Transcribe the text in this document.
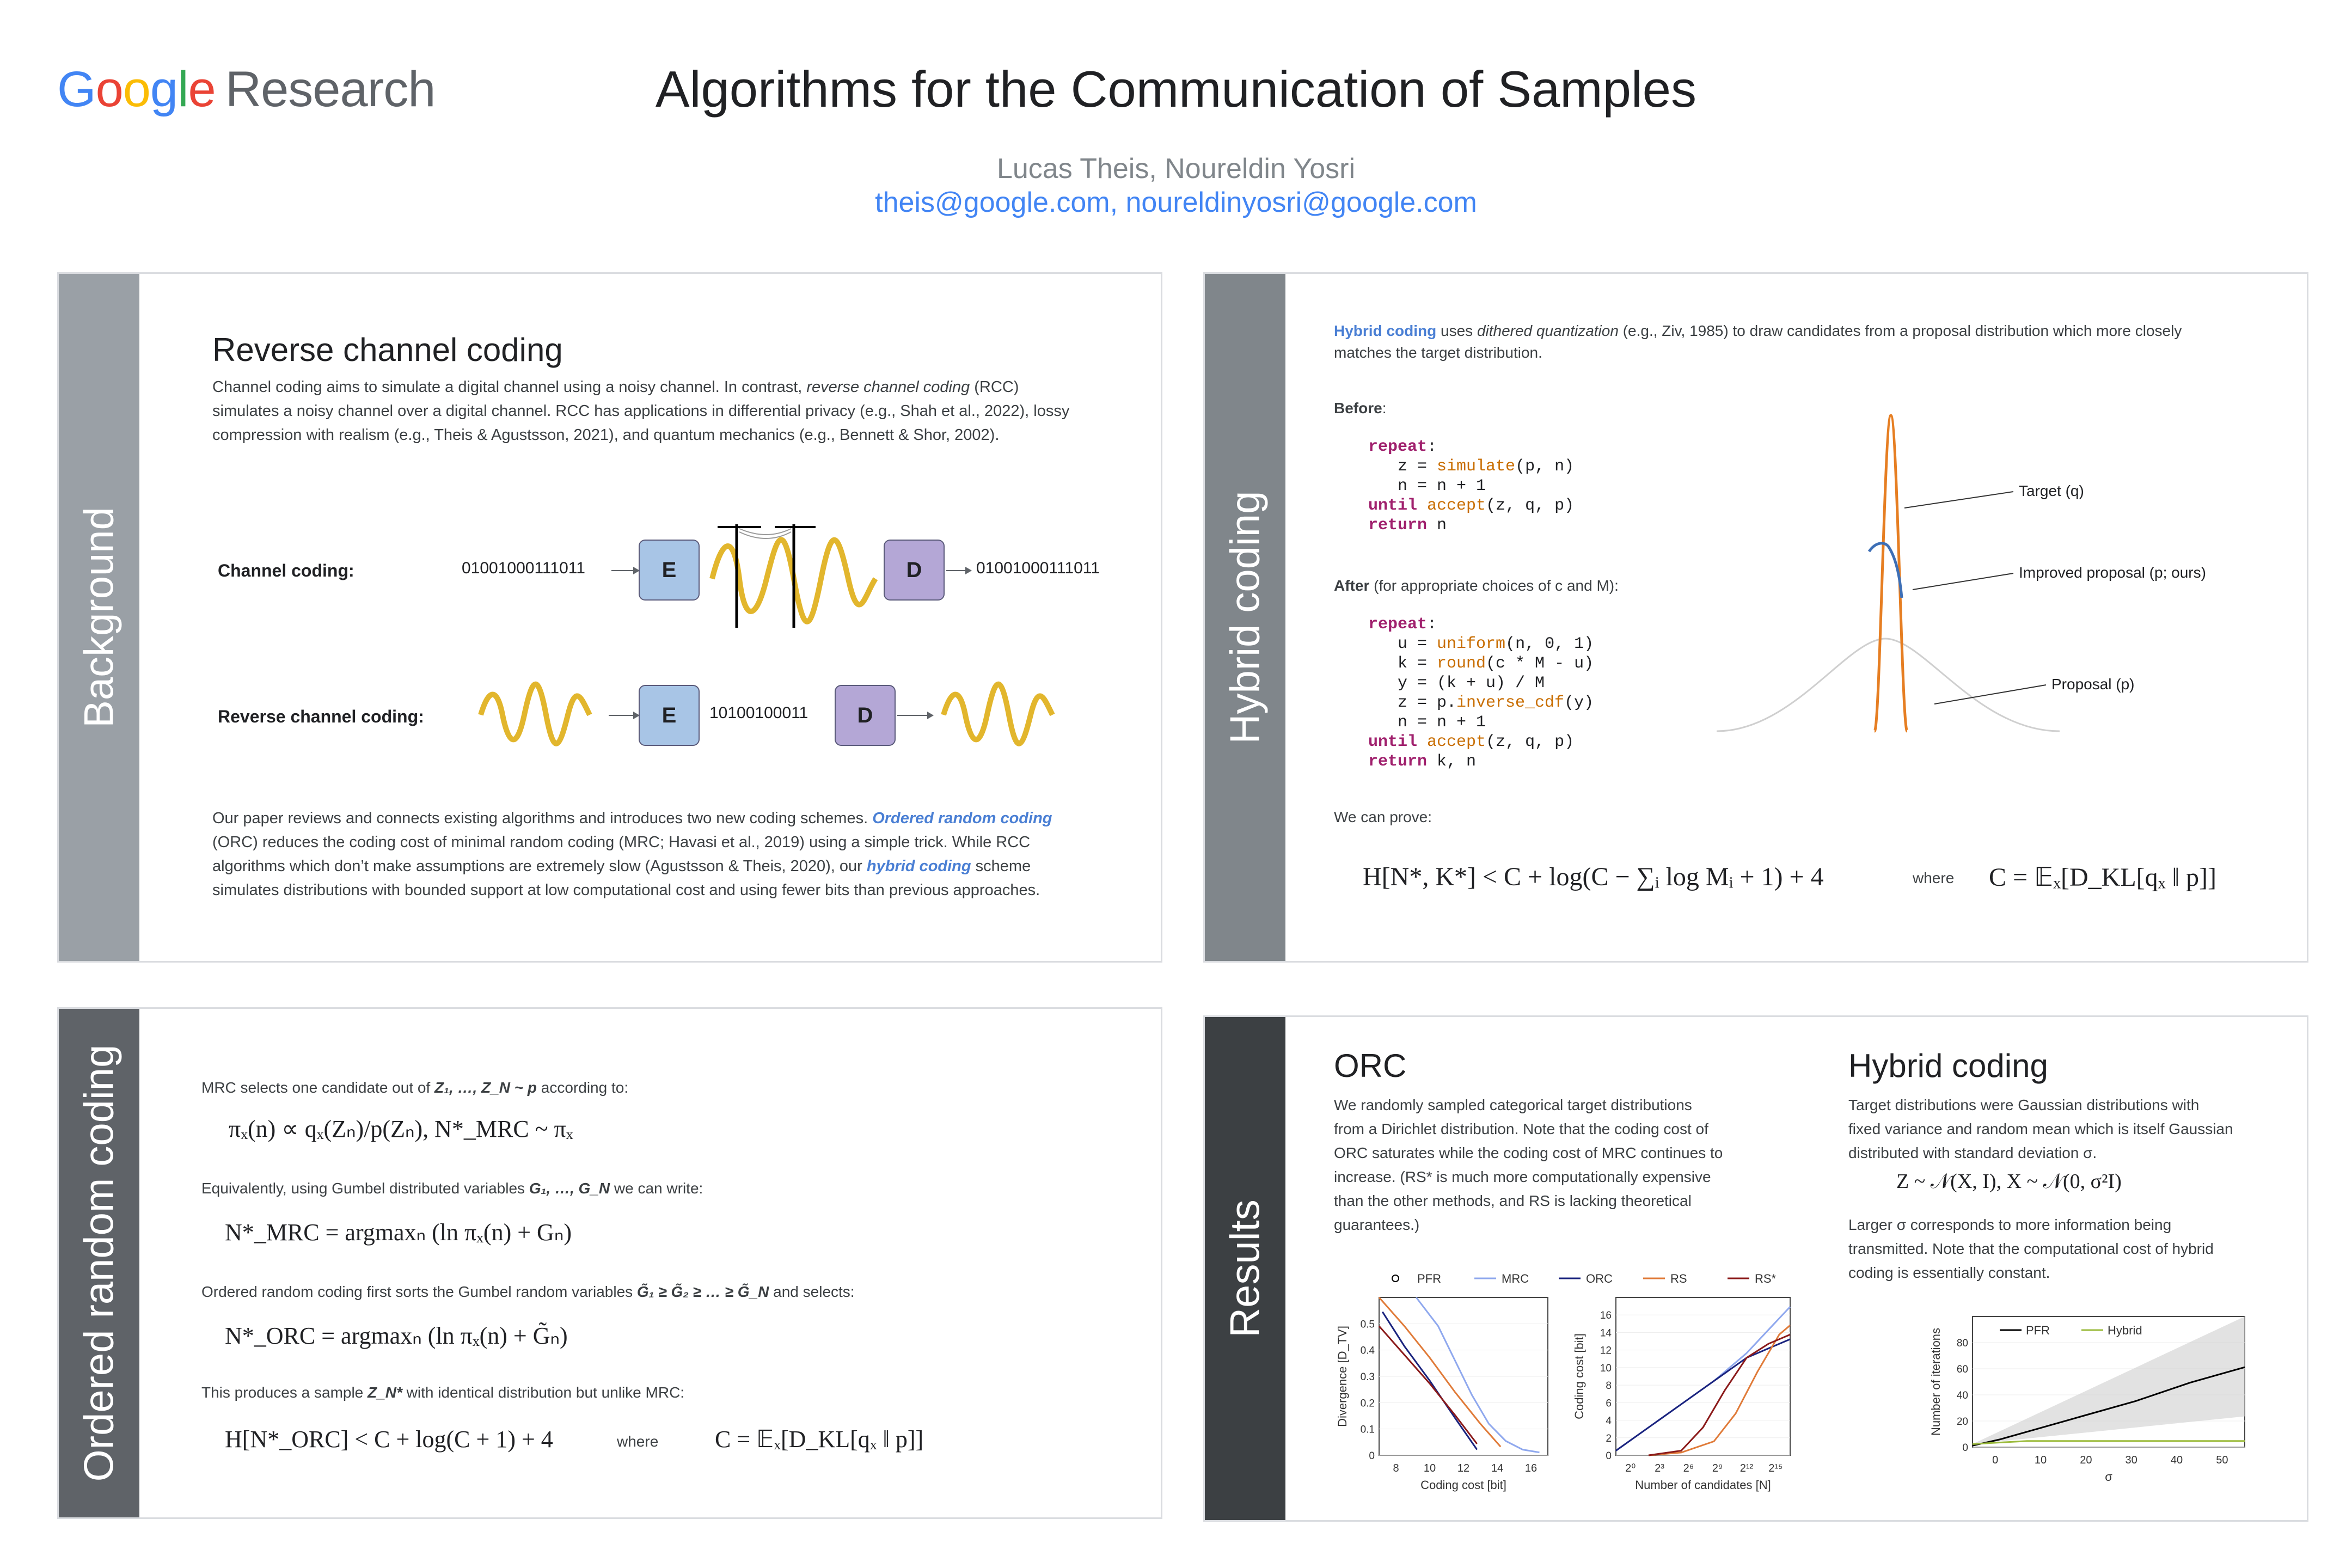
Google Research	Algorithms for the Communication of Samples
Lucas Theis, Noureldin Yosri
theis@google.com, noureldinyosri@google.com
Background
Reverse channel coding
Channel coding aims to simulate a digital channel using a noisy channel. In contrast, reverse channel coding (RCC)
simulates a noisy channel over a digital channel. RCC has applications in differential privacy (e.g., Shah et al., 2022), lossy
compression with realism (e.g., Theis & Agustsson, 2021), and quantum mechanics (e.g., Bennett & Shor, 2002).
Channel coding:	01001000111011	E	D	01001000111011
Reverse channel coding:	E	10100100011	D
Our paper reviews and connects existing algorithms and introduces two new coding schemes. Ordered random coding
(ORC) reduces the coding cost of minimal random coding (MRC; Havasi et al., 2019) using a simple trick. While RCC
algorithms which don’t make assumptions are extremely slow (Agustsson & Theis, 2020), our hybrid coding scheme
simulates distributions with bounded support at low computational cost and using fewer bits than previous approaches.
Hybrid coding
Hybrid coding uses dithered quantization (e.g., Ziv, 1985) to draw candidates from a proposal distribution which more closely
matches the target distribution.
Before:
repeat:
z = simulate(p, n)
n = n + 1
until accept(z, q, p)
return n
After (for appropriate choices of c and M):
repeat:
u = uniform(n, 0, 1)
k = round(c * M - u)
y = (k + u) / M
z = p.inverse_cdf(y)
n = n + 1
until accept(z, q, p)
return k, n
Target (q)
Improved proposal (p; ours)
Proposal (p)
We can prove:
H[N*, K*] < C + log(C − ∑ᵢ log Mᵢ + 1) + 4	where C = 𝔼ₓ[D_KL[qₓ ‖ p]]
Ordered random coding	MRC selects one candidate out of Z₁, …, Z_N ~ p according to:
πₓ(n) ∝ qₓ(Zₙ)/p(Zₙ), N*_MRC ~ πₓ
Equivalently, using Gumbel distributed variables G₁, …, G_N we can write:
N*_MRC = argmaxₙ (ln πₓ(n) + Gₙ)
Ordered random coding first sorts the Gumbel random variables G̃₁ ≥ G̃₂ ≥ … ≥ G̃_N and selects:
N*_ORC = argmaxₙ (ln πₓ(n) + G̃ₙ)
This produces a sample Z_N* with identical distribution but unlike MRC:
H[N*_ORC] < C + log(C + 1) + 4	where C = 𝔼ₓ[D_KL[qₓ ‖ p]]
Results
ORC
We randomly sampled categorical target distributions
from a Dirichlet distribution. Note that the coding cost of
ORC saturates while the coding cost of MRC continues to
increase. (RS* is much more computationally expensive
than the other methods, and RS is lacking theoretical
guarantees.)
Hybrid coding
Target distributions were Gaussian distributions with
fixed variance and random mean which is itself Gaussian
distributed with standard deviation σ.
Z ~ 𝒩(X, I), X ~ 𝒩(0, σ²I)
Larger σ corresponds to more information being
transmitted. Note that the computational cost of hybrid
coding is essentially constant.
PFR	MRC	ORC	RS	RS*
8 10 12 14 16
0
0.1
0.2
0.3
0.4
0.5
Coding cost [bit]
Divergence [D_TV]
2⁰ 2³ 2⁶ 2⁹ 2¹² 2¹⁵
0
2
4
6
8
10
12
14
16
Number of candidates [N]
Coding cost [bit]
0	10	20	30	40	50
0
20
40
60
80
σ
Number of iterations	PFR	Hybrid
